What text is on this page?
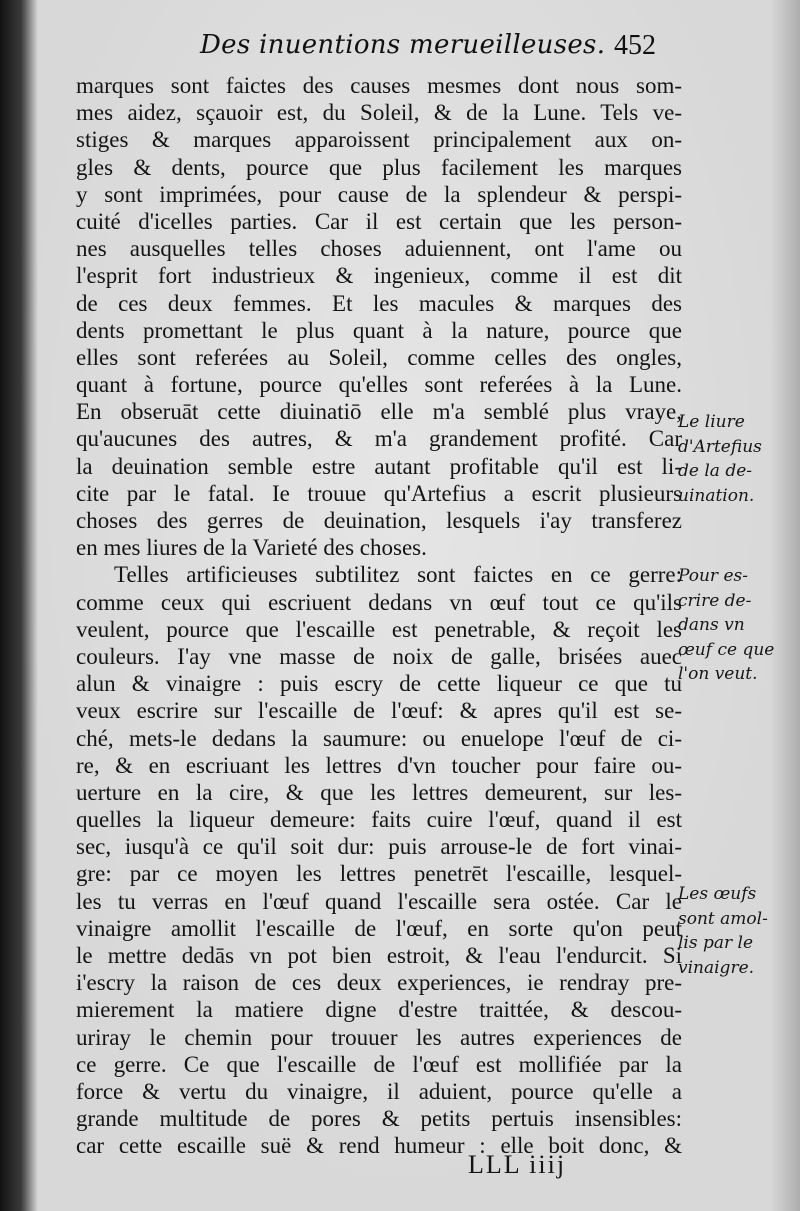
Des inuentions merueilleuses. 452
marques sont faictes des causes mesmes dont nous som-
mes aidez, sçauoir est, du Soleil, & de la Lune. Tels ve-
stiges & marques apparoissent principalement aux on-
gles & dents, pource que plus facilement les marques
y sont imprimées, pour cause de la splendeur & perspi-
cuité d'icelles parties. Car il est certain que les person-
nes ausquelles telles choses aduiennent, ont l'ame ou
l'esprit fort industrieux & ingenieux, comme il est dit
de ces deux femmes. Et les macules & marques des
dents promettant le plus quant à la nature, pource que
elles sont referées au Soleil, comme celles des ongles,
quant à fortune, pource qu'elles sont referées à la Lune.
En obseruāt cette diuinatiō elle m'a semblé plus vraye,
qu'aucunes des autres, & m'a grandement profité. Car
la deuination semble estre autant profitable qu'il est li-
cite par le fatal. Ie trouue qu'Artefius a escrit plusieurs
choses des gerres de deuination, lesquels i'ay transferez
en mes liures de la Varieté des choses.
Telles artificieuses subtilitez sont faictes en ce gerre:
comme ceux qui escriuent dedans vn œuf tout ce qu'ils
veulent, pource que l'escaille est penetrable, & reçoit les
couleurs. I'ay vne masse de noix de galle, brisées auec
alun & vinaigre : puis escry de cette liqueur ce que tu
veux escrire sur l'escaille de l'œuf: & apres qu'il est se-
ché, mets-le dedans la saumure: ou enuelope l'œuf de ci-
re, & en escriuant les lettres d'vn toucher pour faire ou-
uerture en la cire, & que les lettres demeurent, sur les-
quelles la liqueur demeure: faits cuire l'œuf, quand il est
sec, iusqu'à ce qu'il soit dur: puis arrouse-le de fort vinai-
gre: par ce moyen les lettres penetrēt l'escaille, lesquel-
les tu verras en l'œuf quand l'escaille sera ostée. Car le
vinaigre amollit l'escaille de l'œuf, en sorte qu'on peut
le mettre dedās vn pot bien estroit, & l'eau l'endurcit. Si
i'escry la raison de ces deux experiences, ie rendray pre-
mierement la matiere digne d'estre traittée, & descou-
uriray le chemin pour trouuer les autres experiences de
ce gerre. Ce que l'escaille de l'œuf est mollifiée par la
force & vertu du vinaigre, il aduient, pource qu'elle a
grande multitude de pores & petits pertuis insensibles:
car cette escaille suë & rend humeur : elle boit donc, &
Le liure
d'Artefius
de la de-
uination.
Pour es-
crire de-
dans vn
œuf ce que
l'on veut.
Les œufs
sont amol-
lis par le
vinaigre.
LLL iiij
